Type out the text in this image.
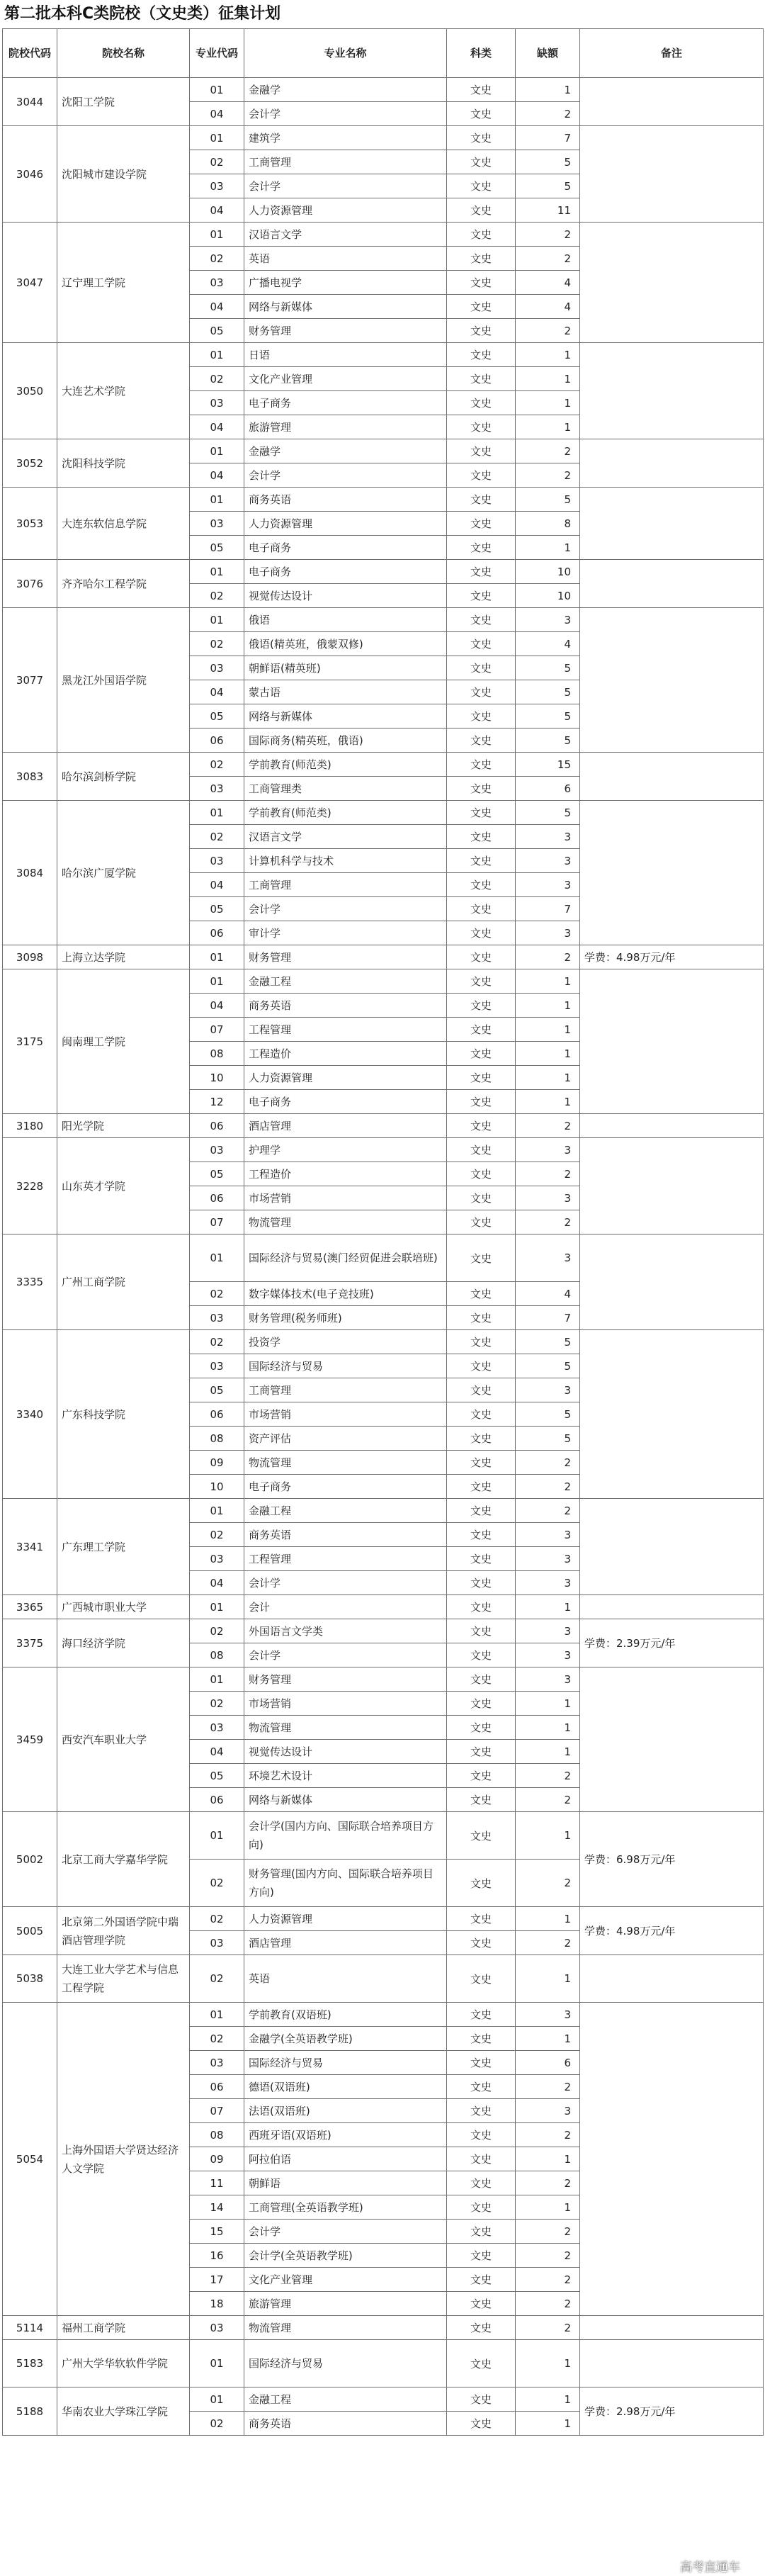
第二批本科C类院校（文史类）征集计划
院校代码	院校名称	专业代码	专业名称	科类	缺额	备注
3044	沈阳工学院	01	金融学	文史	1	
		04	会计学	文史	2	
3046	沈阳城市建设学院	01	建筑学	文史	7	
		02	工商管理	文史	5	
		03	会计学	文史	5	
		04	人力资源管理	文史	11	
3047	辽宁理工学院	01	汉语言文学	文史	2	
		02	英语	文史	2	
		03	广播电视学	文史	4	
		04	网络与新媒体	文史	4	
		05	财务管理	文史	2	
3050	大连艺术学院	01	日语	文史	1	
		02	文化产业管理	文史	1	
		03	电子商务	文史	1	
		04	旅游管理	文史	1	
3052	沈阳科技学院	01	金融学	文史	2	
		04	会计学	文史	2	
3053	大连东软信息学院	01	商务英语	文史	5	
		03	人力资源管理	文史	8	
		05	电子商务	文史	1	
3076	齐齐哈尔工程学院	01	电子商务	文史	10	
		02	视觉传达设计	文史	10	
3077	黑龙江外国语学院	01	俄语	文史	3	
		02	俄语(精英班，俄蒙双修)	文史	4	
		03	朝鲜语(精英班)	文史	5	
		04	蒙古语	文史	5	
		05	网络与新媒体	文史	5	
		06	国际商务(精英班，俄语)	文史	5	
3083	哈尔滨剑桥学院	02	学前教育(师范类)	文史	15	
		03	工商管理类	文史	6	
3084	哈尔滨广厦学院	01	学前教育(师范类)	文史	5	
		02	汉语言文学	文史	3	
		03	计算机科学与技术	文史	3	
		04	工商管理	文史	3	
		05	会计学	文史	7	
		06	审计学	文史	3	
3098	上海立达学院	01	财务管理	文史	2	学费：4.98万元/年
3175	闽南理工学院	01	金融工程	文史	1	
		04	商务英语	文史	1	
		07	工程管理	文史	1	
		08	工程造价	文史	1	
		10	人力资源管理	文史	1	
		12	电子商务	文史	1	
3180	阳光学院	06	酒店管理	文史	2	
3228	山东英才学院	03	护理学	文史	3	
		05	工程造价	文史	2	
		06	市场营销	文史	3	
		07	物流管理	文史	2	
3335	广州工商学院	01	国际经济与贸易(澳门经贸促进会联培班)	文史	3	
		02	数字媒体技术(电子竞技班)	文史	4	
		03	财务管理(税务师班)	文史	7	
3340	广东科技学院	02	投资学	文史	5	
		03	国际经济与贸易	文史	5	
		05	工商管理	文史	3	
		06	市场营销	文史	5	
		08	资产评估	文史	5	
		09	物流管理	文史	2	
		10	电子商务	文史	2	
3341	广东理工学院	01	金融工程	文史	2	
		02	商务英语	文史	3	
		03	工程管理	文史	3	
		04	会计学	文史	3	
3365	广西城市职业大学	01	会计	文史	1	
3375	海口经济学院	02	外国语言文学类	文史	3	学费：2.39万元/年
		08	会计学	文史	3	
3459	西安汽车职业大学	01	财务管理	文史	3	
		02	市场营销	文史	1	
		03	物流管理	文史	1	
		04	视觉传达设计	文史	1	
		05	环境艺术设计	文史	2	
		06	网络与新媒体	文史	2	
5002	北京工商大学嘉华学院	01	会计学(国内方向、国际联合培养项目方向)	文史	1	学费：6.98万元/年
		02	财务管理(国内方向、国际联合培养项目方向)	文史	2	
5005	北京第二外国语学院中瑞酒店管理学院	02	人力资源管理	文史	1	学费：4.98万元/年
		03	酒店管理	文史	2	
5038	大连工业大学艺术与信息工程学院	02	英语	文史	1	
5054	上海外国语大学贤达经济人文学院	01	学前教育(双语班)	文史	3	
		02	金融学(全英语教学班)	文史	1	
		03	国际经济与贸易	文史	6	
		06	德语(双语班)	文史	2	
		07	法语(双语班)	文史	3	
		08	西班牙语(双语班)	文史	2	
		09	阿拉伯语	文史	1	
		11	朝鲜语	文史	2	
		14	工商管理(全英语教学班)	文史	1	
		15	会计学	文史	2	
		16	会计学(全英语教学班)	文史	2	
		17	文化产业管理	文史	2	
		18	旅游管理	文史	2	
5114	福州工商学院	03	物流管理	文史	2	
5183	广州大学华软软件学院	01	国际经济与贸易	文史	1	
5188	华南农业大学珠江学院	01	金融工程	文史	1	学费：2.98万元/年
		02	商务英语	文史	1	
高考直通车
